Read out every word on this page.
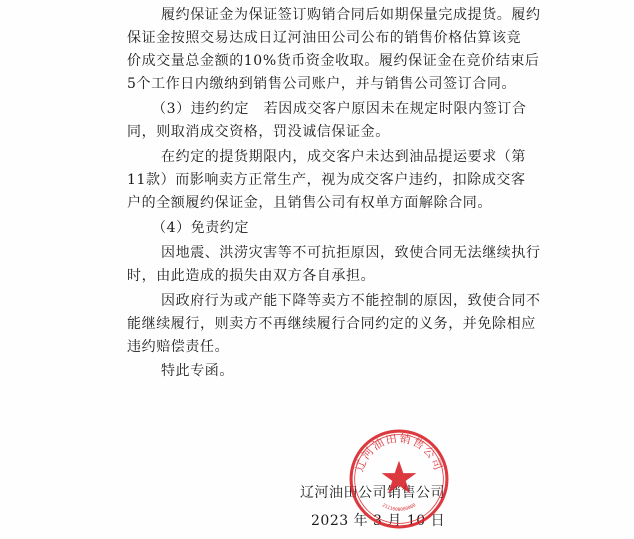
履约保证金为保证签订购销合同后如期保量完成提货。履约
保证金按照交易达成日辽河油田公司公布的销售价格估算该竞
价成交量总金额的10%货币资金收取。履约保证金在竞价结束后
5个工作日内缴纳到销售公司账户，并与销售公司签订合同。
（3）违约约定　若因成交客户原因未在规定时限内签订合
同，则取消成交资格，罚没诚信保证金。
在约定的提货期限内，成交客户未达到油品提运要求（第
11款）而影响卖方正常生产，视为成交客户违约，扣除成交客
户的全额履约保证金，且销售公司有权单方面解除合同。
（4）免责约定
因地震、洪涝灾害等不可抗拒原因，致使合同无法继续执行
时，由此造成的损失由双方各自承担。
因政府行为或产能下降等卖方不能控制的原因，致使合同不
能继续履行，则卖方不再继续履行合同约定的义务，并免除相应
违约赔偿责任。
特此专函。
辽河油田公司销售公司
2023 年 3 月 10 日
辽河油田销售公司
2111000000000
